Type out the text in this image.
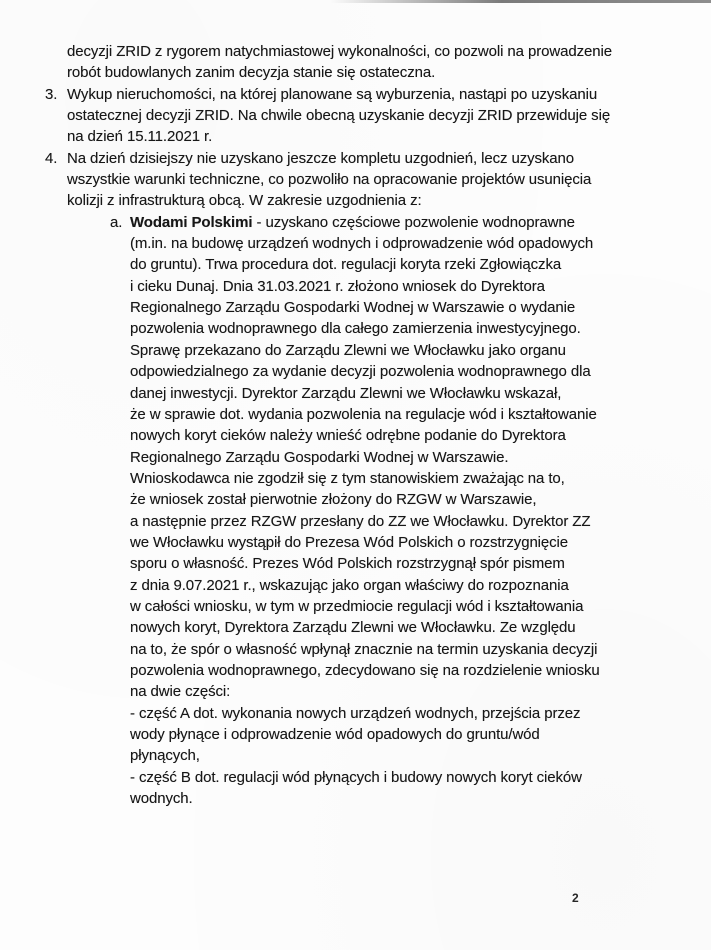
decyzji ZRID z rygorem natychmiastowej wykonalności, co pozwoli na prowadzenie
robót budowlanych zanim decyzja stanie się ostateczna.
3. Wykup nieruchomości, na której planowane są wyburzenia, nastąpi po uzyskaniu
ostatecznej decyzji ZRID. Na chwile obecną uzyskanie decyzji ZRID przewiduje się
na dzień 15.11.2021 r.
4. Na dzień dzisiejszy nie uzyskano jeszcze kompletu uzgodnień, lecz uzyskano
wszystkie warunki techniczne, co pozwoliło na opracowanie projektów usunięcia
kolizji z infrastrukturą obcą. W zakresie uzgodnienia z:
a. Wodami Polskimi - uzyskano częściowe pozwolenie wodnoprawne
(m.in. na budowę urządzeń wodnych i odprowadzenie wód opadowych
do gruntu). Trwa procedura dot. regulacji koryta rzeki Zgłowiączka
i cieku Dunaj. Dnia 31.03.2021 r. złożono wniosek do Dyrektora
Regionalnego Zarządu Gospodarki Wodnej w Warszawie o wydanie
pozwolenia wodnoprawnego dla całego zamierzenia inwestycyjnego.
Sprawę przekazano do Zarządu Zlewni we Włocławku jako organu
odpowiedzialnego za wydanie decyzji pozwolenia wodnoprawnego dla
danej inwestycji. Dyrektor Zarządu Zlewni we Włocławku wskazał,
że w sprawie dot. wydania pozwolenia na regulacje wód i kształtowanie
nowych koryt cieków należy wnieść odrębne podanie do Dyrektora
Regionalnego Zarządu Gospodarki Wodnej w Warszawie.
Wnioskodawca nie zgodził się z tym stanowiskiem zważając na to,
że wniosek został pierwotnie złożony do RZGW w Warszawie,
a następnie przez RZGW przesłany do ZZ we Włocławku. Dyrektor ZZ
we Włocławku wystąpił do Prezesa Wód Polskich o rozstrzygnięcie
sporu o własność. Prezes Wód Polskich rozstrzygnął spór pismem
z dnia 9.07.2021 r., wskazując jako organ właściwy do rozpoznania
w całości wniosku, w tym w przedmiocie regulacji wód i kształtowania
nowych koryt, Dyrektora Zarządu Zlewni we Włocławku. Ze względu
na to, że spór o własność wpłynął znacznie na termin uzyskania decyzji
pozwolenia wodnoprawnego, zdecydowano się na rozdzielenie wniosku
na dwie części:
- część A dot. wykonania nowych urządzeń wodnych, przejścia przez
wody płynące i odprowadzenie wód opadowych do gruntu/wód
płynących,
- część B dot. regulacji wód płynących i budowy nowych koryt cieków
wodnych.
2
